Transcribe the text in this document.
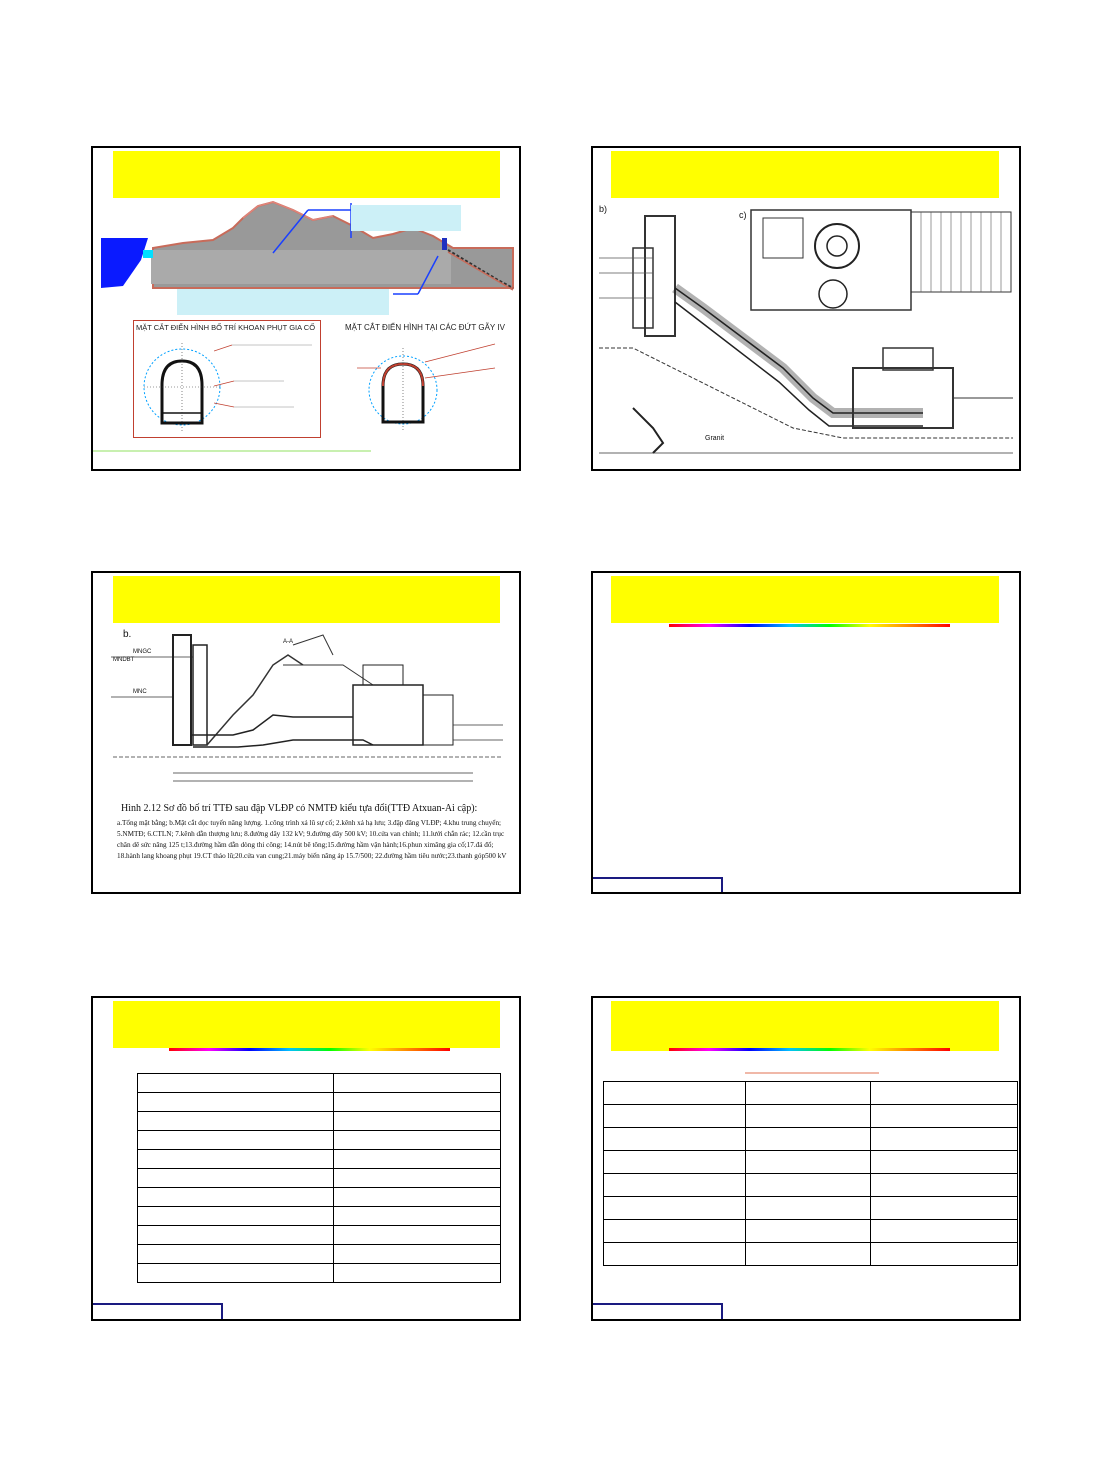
MẶT CẮT ĐIỂN HÌNH BỐ TRÍ KHOAN PHỤT GIA CỐ	MẶT CẮT ĐIỂN HÌNH TẠI CÁC ĐỨT GÃY IV
b)
c)
Granit
b.
A-A
MNGC
MNDBT
MNC
Hình 2.12 Sơ đồ bố trí TTĐ sau đập VLĐP có NMTĐ kiểu tựa đổi(TTĐ Atxuan-Ai cập):
a.Tổng mặt bằng; b.Mặt cắt dọc tuyến năng lượng. 1.công trình xả lũ sự cố; 2.kênh xả hạ lưu; 3.đập đăng VLĐP; 4.khu trung chuyển; 5.NMTĐ; 6.CTLN; 7.kênh dẫn thượng lưu; 8.đường dây 132 kV; 9.đường dây 500 kV; 10.cửa van chính; 11.lưới chắn rác; 12.cần trục chân dê sức nâng 125 t;13.đường hầm dẫn dòng thi công; 14.nút bê tông;15.đường hầm vận hành;16.phun ximăng gia cố;17.đá đổ; 18.hành lang khoang phụt 19.CT tháo lũ;20.cửa van cung;21.máy biến năng áp 15.7/500; 22.đường hầm tiêu nước;23.thanh góp500 kV
